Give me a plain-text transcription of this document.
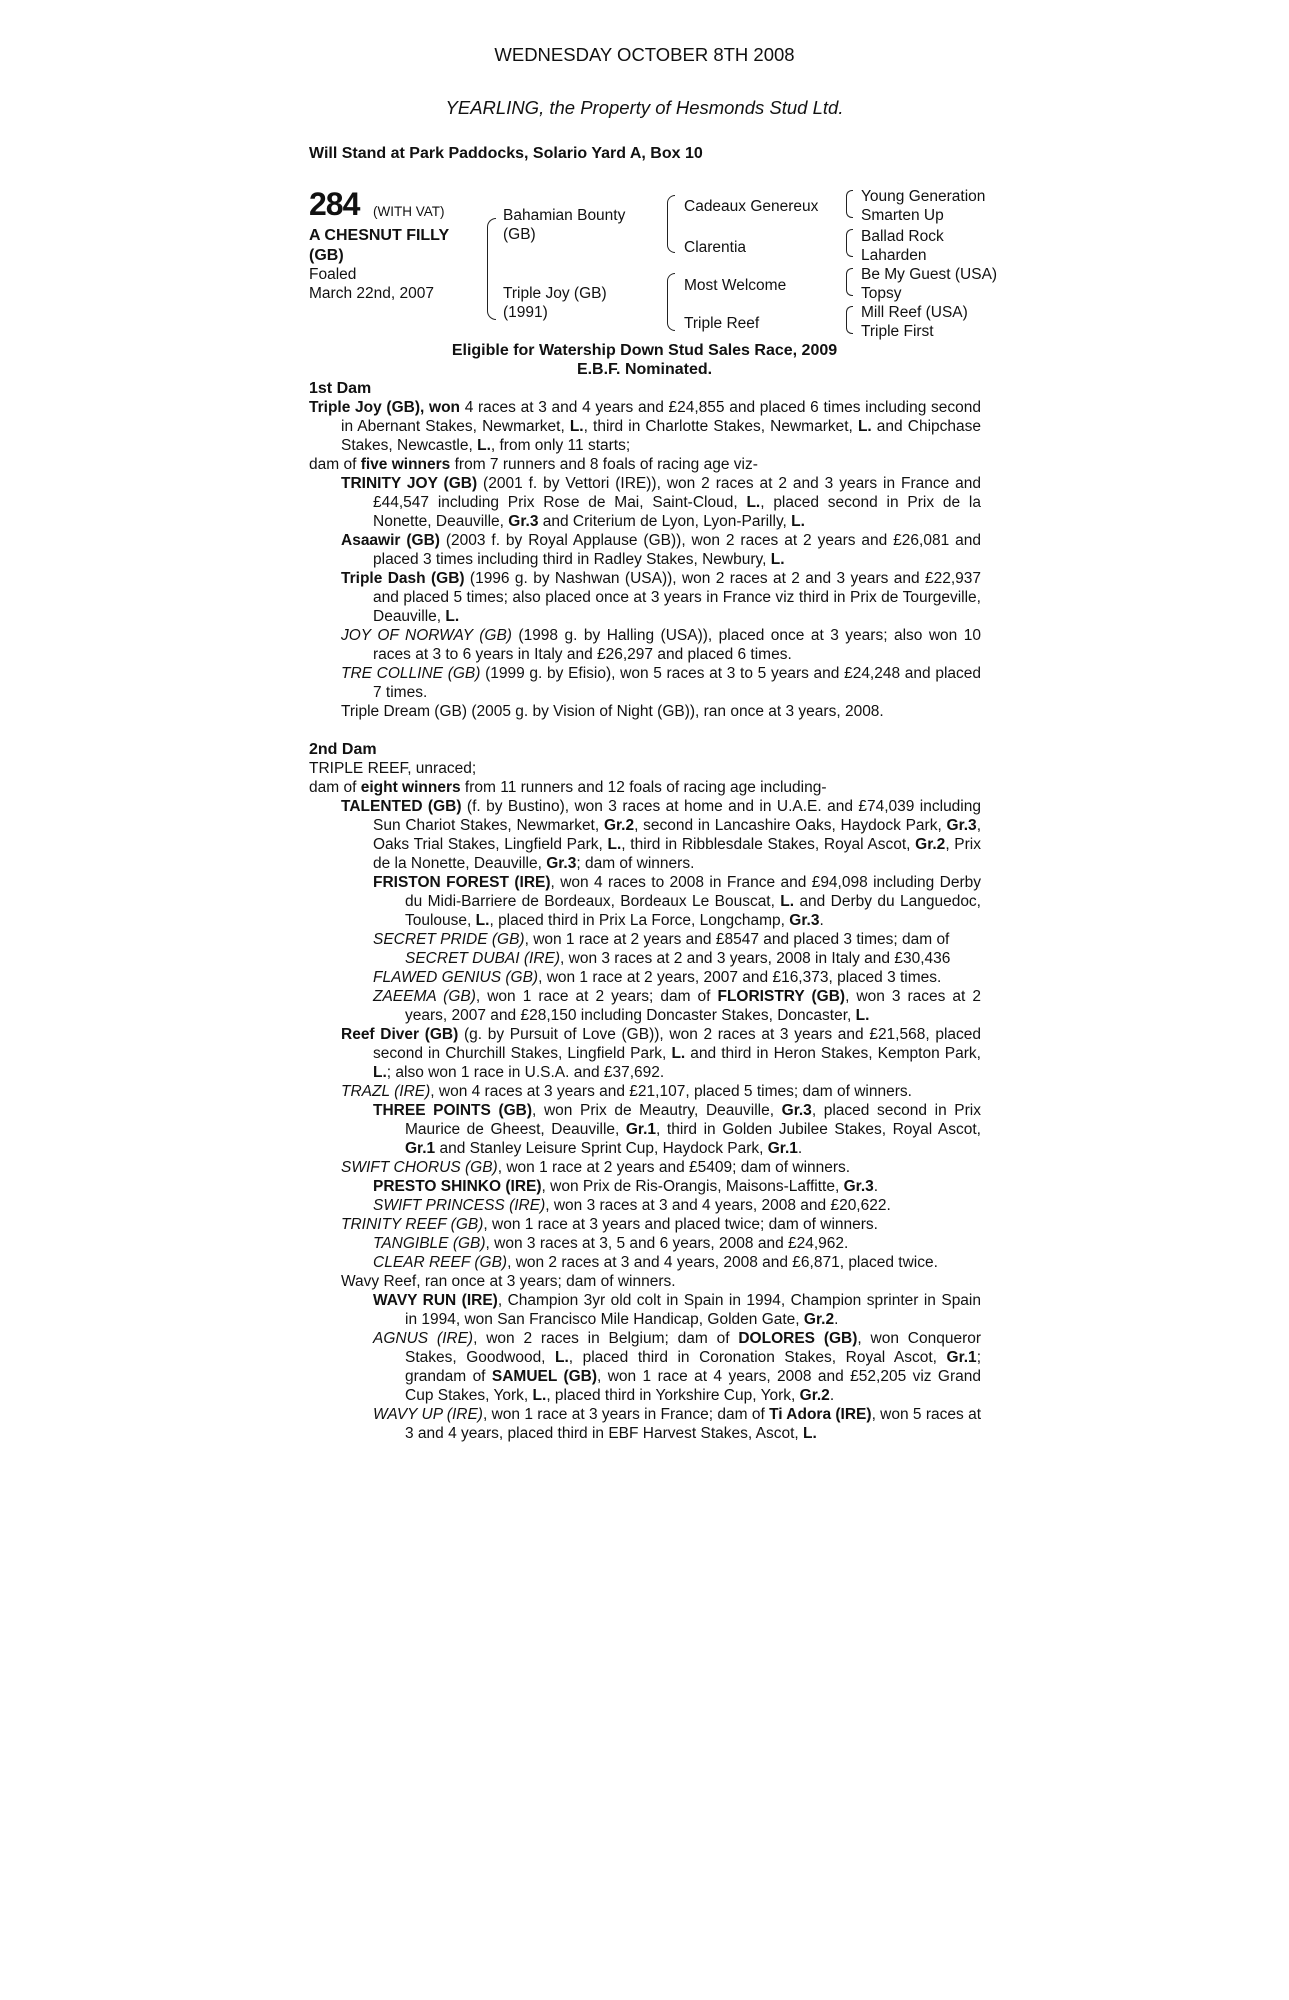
WEDNESDAY OCTOBER 8TH 2008
YEARLING, the Property of Hesmonds Stud Ltd.
Will Stand at Park Paddocks, Solario Yard A, Box 10
284 (WITH VAT)
A CHESNUT FILLY
(GB)
Foaled
March 22nd, 2007
Bahamian Bounty
(GB)
Triple Joy (GB)
(1991)
Cadeaux Genereux
Clarentia
Most Welcome
Triple Reef
Young Generation
Smarten Up
Ballad Rock
Laharden
Be My Guest (USA)
Topsy
Mill Reef (USA)
Triple First
Eligible for Watership Down Stud Sales Race, 2009
E.B.F. Nominated.
1st Dam
Triple Joy (GB), won 4 races at 3 and 4 years and £24,855 and placed 6 times including second in Abernant Stakes, Newmarket, L., third in Charlotte Stakes, Newmarket, L. and Chipchase Stakes, Newcastle, L., from only 11 starts;
dam of five winners from 7 runners and 8 foals of racing age viz-
TRINITY JOY (GB) (2001 f. by Vettori (IRE)), won 2 races at 2 and 3 years in France and £44,547 including Prix Rose de Mai, Saint-Cloud, L., placed second in Prix de la Nonette, Deauville, Gr.3 and Criterium de Lyon, Lyon-Parilly, L.
Asaawir (GB) (2003 f. by Royal Applause (GB)), won 2 races at 2 years and £26,081 and placed 3 times including third in Radley Stakes, Newbury, L.
Triple Dash (GB) (1996 g. by Nashwan (USA)), won 2 races at 2 and 3 years and £22,937 and placed 5 times; also placed once at 3 years in France viz third in Prix de Tourgeville, Deauville, L.
JOY OF NORWAY (GB) (1998 g. by Halling (USA)), placed once at 3 years; also won 10 races at 3 to 6 years in Italy and £26,297 and placed 6 times.
TRE COLLINE (GB) (1999 g. by Efisio), won 5 races at 3 to 5 years and £24,248 and placed 7 times.
Triple Dream (GB) (2005 g. by Vision of Night (GB)), ran once at 3 years, 2008.
2nd Dam
TRIPLE REEF, unraced;
dam of eight winners from 11 runners and 12 foals of racing age including-
TALENTED (GB) (f. by Bustino), won 3 races at home and in U.A.E. and £74,039 including Sun Chariot Stakes, Newmarket, Gr.2, second in Lancashire Oaks, Haydock Park, Gr.3, Oaks Trial Stakes, Lingfield Park, L., third in Ribblesdale Stakes, Royal Ascot, Gr.2, Prix de la Nonette, Deauville, Gr.3; dam of winners.
FRISTON FOREST (IRE), won 4 races to 2008 in France and £94,098 including Derby du Midi-Barriere de Bordeaux, Bordeaux Le Bouscat, L. and Derby du Languedoc, Toulouse, L., placed third in Prix La Force, Longchamp, Gr.3.
SECRET PRIDE (GB), won 1 race at 2 years and £8547 and placed 3 times; dam of
SECRET DUBAI (IRE), won 3 races at 2 and 3 years, 2008 in Italy and £30,436
FLAWED GENIUS (GB), won 1 race at 2 years, 2007 and £16,373, placed 3 times.
ZAEEMA (GB), won 1 race at 2 years; dam of FLORISTRY (GB), won 3 races at 2 years, 2007 and £28,150 including Doncaster Stakes, Doncaster, L.
Reef Diver (GB) (g. by Pursuit of Love (GB)), won 2 races at 3 years and £21,568, placed second in Churchill Stakes, Lingfield Park, L. and third in Heron Stakes, Kempton Park, L.; also won 1 race in U.S.A. and £37,692.
TRAZL (IRE), won 4 races at 3 years and £21,107, placed 5 times; dam of winners.
THREE POINTS (GB), won Prix de Meautry, Deauville, Gr.3, placed second in Prix Maurice de Gheest, Deauville, Gr.1, third in Golden Jubilee Stakes, Royal Ascot, Gr.1 and Stanley Leisure Sprint Cup, Haydock Park, Gr.1.
SWIFT CHORUS (GB), won 1 race at 2 years and £5409; dam of winners.
PRESTO SHINKO (IRE), won Prix de Ris-Orangis, Maisons-Laffitte, Gr.3.
SWIFT PRINCESS (IRE), won 3 races at 3 and 4 years, 2008 and £20,622.
TRINITY REEF (GB), won 1 race at 3 years and placed twice; dam of winners.
TANGIBLE (GB), won 3 races at 3, 5 and 6 years, 2008 and £24,962.
CLEAR REEF (GB), won 2 races at 3 and 4 years, 2008 and £6,871, placed twice.
Wavy Reef, ran once at 3 years; dam of winners.
WAVY RUN (IRE), Champion 3yr old colt in Spain in 1994, Champion sprinter in Spain in 1994, won San Francisco Mile Handicap, Golden Gate, Gr.2.
AGNUS (IRE), won 2 races in Belgium; dam of DOLORES (GB), won Conqueror Stakes, Goodwood, L., placed third in Coronation Stakes, Royal Ascot, Gr.1; grandam of SAMUEL (GB), won 1 race at 4 years, 2008 and £52,205 viz Grand Cup Stakes, York, L., placed third in Yorkshire Cup, York, Gr.2.
WAVY UP (IRE), won 1 race at 3 years in France; dam of Ti Adora (IRE), won 5 races at 3 and 4 years, placed third in EBF Harvest Stakes, Ascot, L.
